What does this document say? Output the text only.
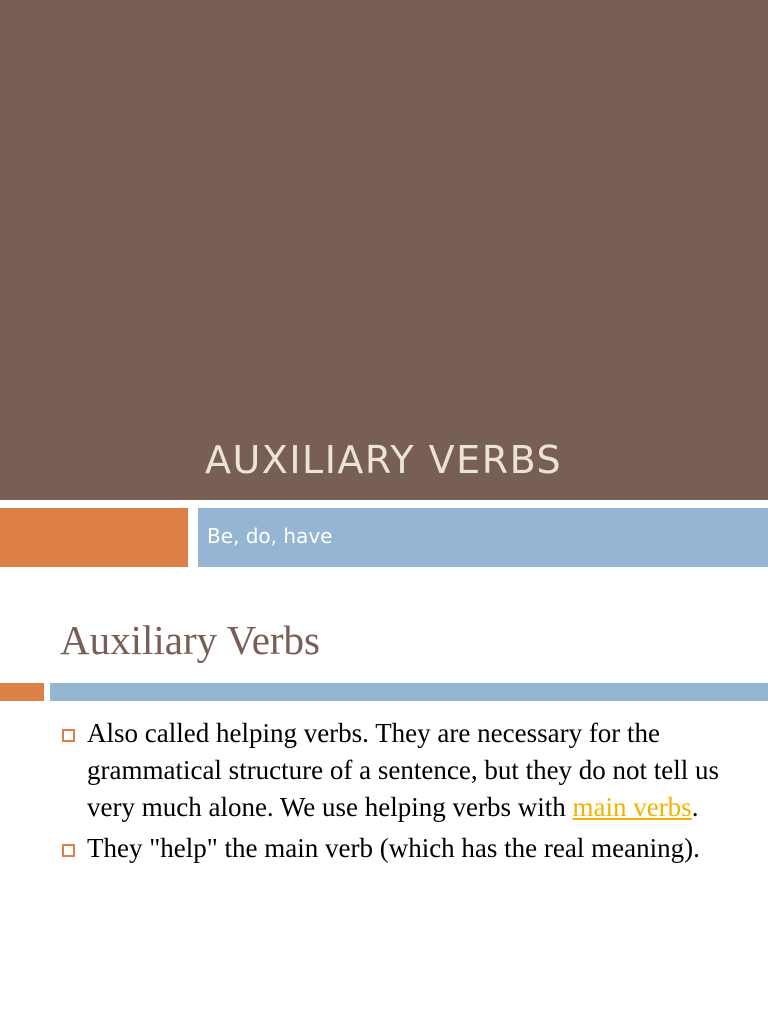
AUXILIARY VERBS
Be, do, have
Auxiliary Verbs
Also called helping verbs. They are necessary for the grammatical structure of a sentence, but they do not tell us very much alone. We use helping verbs with main verbs.
They "help" the main verb (which has the real meaning).
